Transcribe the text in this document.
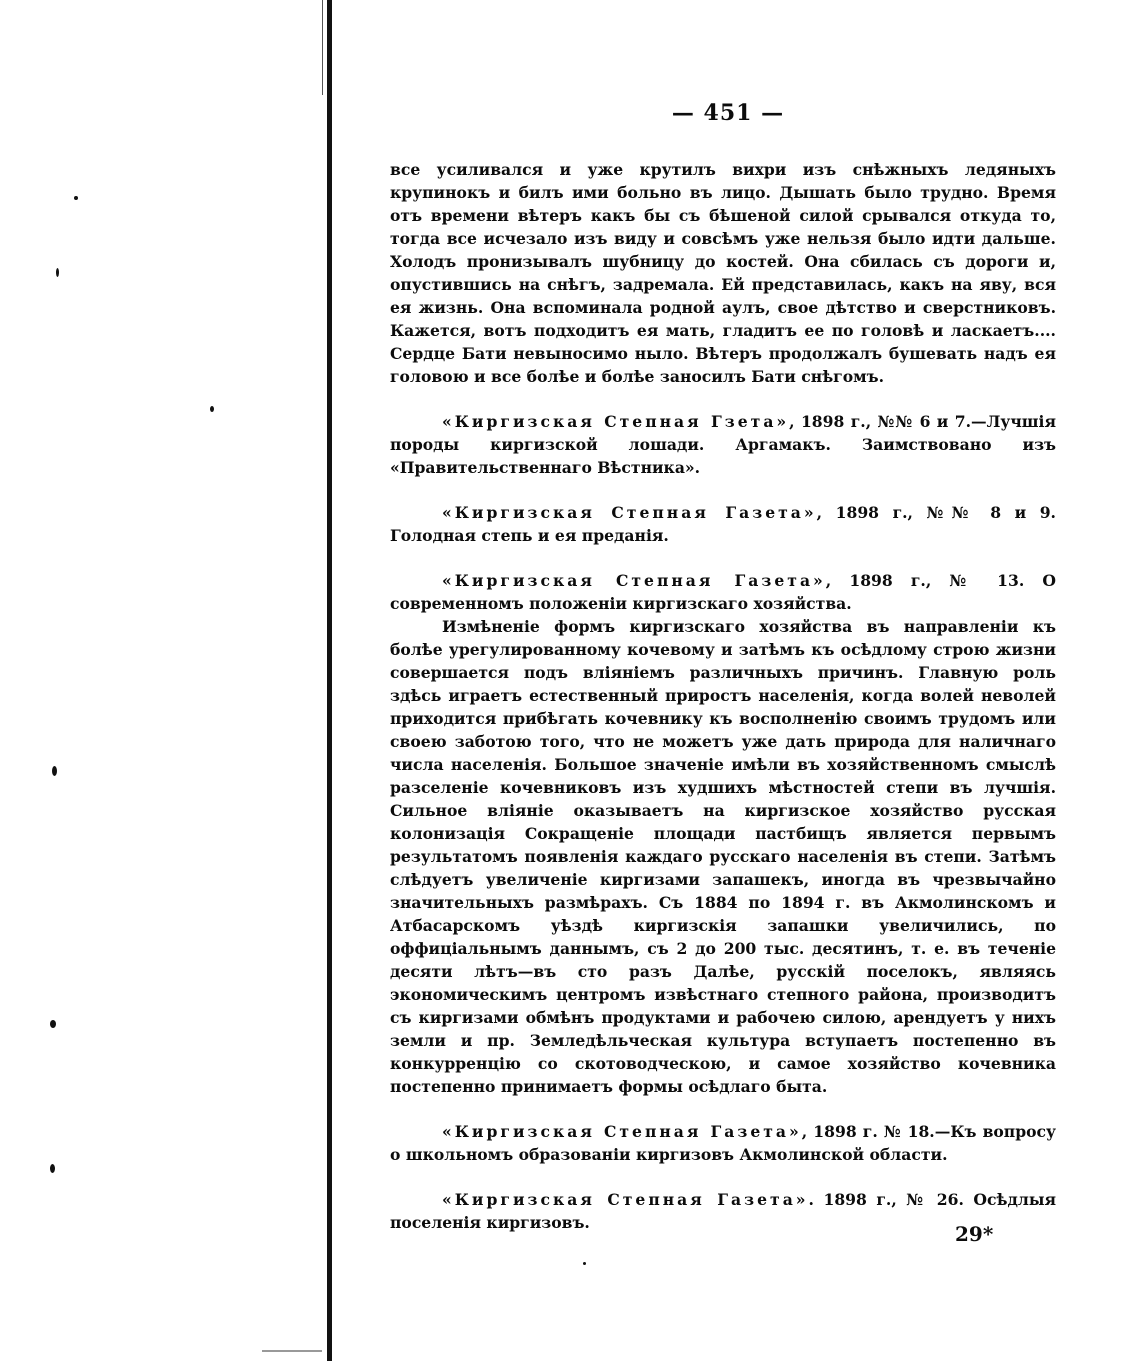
— 451 —

все усиливался и уже крутилъ вихри изъ снѣжныхъ ледяныхъ крупинокъ и билъ ими больно въ лицо. Дышать было трудно. Время отъ времени вѣтеръ какъ бы съ бѣшеной силой срывался откуда то, тогда все исчезало изъ виду и совсѣмъ уже нельзя было идти дальше. Холодъ пронизывалъ шубницу до костей. Она сбилась съ дороги и, опустившись на снѣгъ, задремала. Ей представилась, какъ на яву, вся ея жизнь. Она вспоминала родной аулъ, свое дѣтство и сверстниковъ. Кажется, вотъ подходитъ ея мать, гладитъ ее по головѣ и ласкаетъ.... Сердце Бати невыносимо ныло. Вѣтеръ продолжалъ бушевать надъ ея головою и все болѣе и болѣе заносилъ Бати снѣгомъ.

«Киргизская Степная Гзета», 1898 г., №№ 6 и 7.—Лучшія породы киргизской лошади. Аргамакъ. Заимствовано изъ «Правительственнаго Вѣстника».

«Киргизская Степная Газета», 1898 г., №№ 8 и 9. Голодная степь и ея преданія.

«Киргизская Степная Газета», 1898 г., № 13. О современномъ положеніи киргизскаго хозяйства.

Измѣненіе формъ киргизскаго хозяйства въ направленіи къ болѣе урегулированному кочевому и затѣмъ къ осѣдлому строю жизни совершается подъ вліяніемъ различныхъ причинъ. Главную роль здѣсь играетъ естественный приростъ населенія, когда волей неволей приходится прибѣгать кочевнику къ восполненію своимъ трудомъ или своею заботою того, что не можетъ уже дать природа для наличнаго числа населенія. Большое значеніе имѣли въ хозяйственномъ смыслѣ разселеніе кочевниковъ изъ худшихъ мѣстностей степи въ лучшія. Сильное вліяніе оказываетъ на киргизское хозяйство русская колонизація Сокращеніе площади пастбищъ является первымъ результатомъ появленія каждаго русскаго населенія въ степи. Затѣмъ слѣдуетъ увеличеніе киргизами запашекъ, иногда въ чрезвычайно значительныхъ размѣрахъ. Съ 1884 по 1894 г. въ Акмолинскомъ и Атбасарскомъ уѣздѣ киргизскія запашки увеличились, по оффиціальнымъ даннымъ, съ 2 до 200 тыс. десятинъ, т. е. въ теченіе десяти лѣтъ—въ сто разъ Далѣе, русскій поселокъ, являясь экономическимъ центромъ извѣстнаго степного района, производитъ съ киргизами обмѣнъ продуктами и рабочею силою, арендуетъ у нихъ земли и пр. Земледѣльческая культура вступаетъ постепенно въ конкурренцію со скотоводческою, и самое хозяйство кочевника постепенно принимаетъ формы осѣдлаго быта.

«Киргизская Степная Газета», 1898 г. № 18.—Къ вопросу о школьномъ образованіи киргизовъ Акмолинской области.

«Киргизская Степная Газета». 1898 г., № 26. Осѣдлыя поселенія киргизовъ.	29*
